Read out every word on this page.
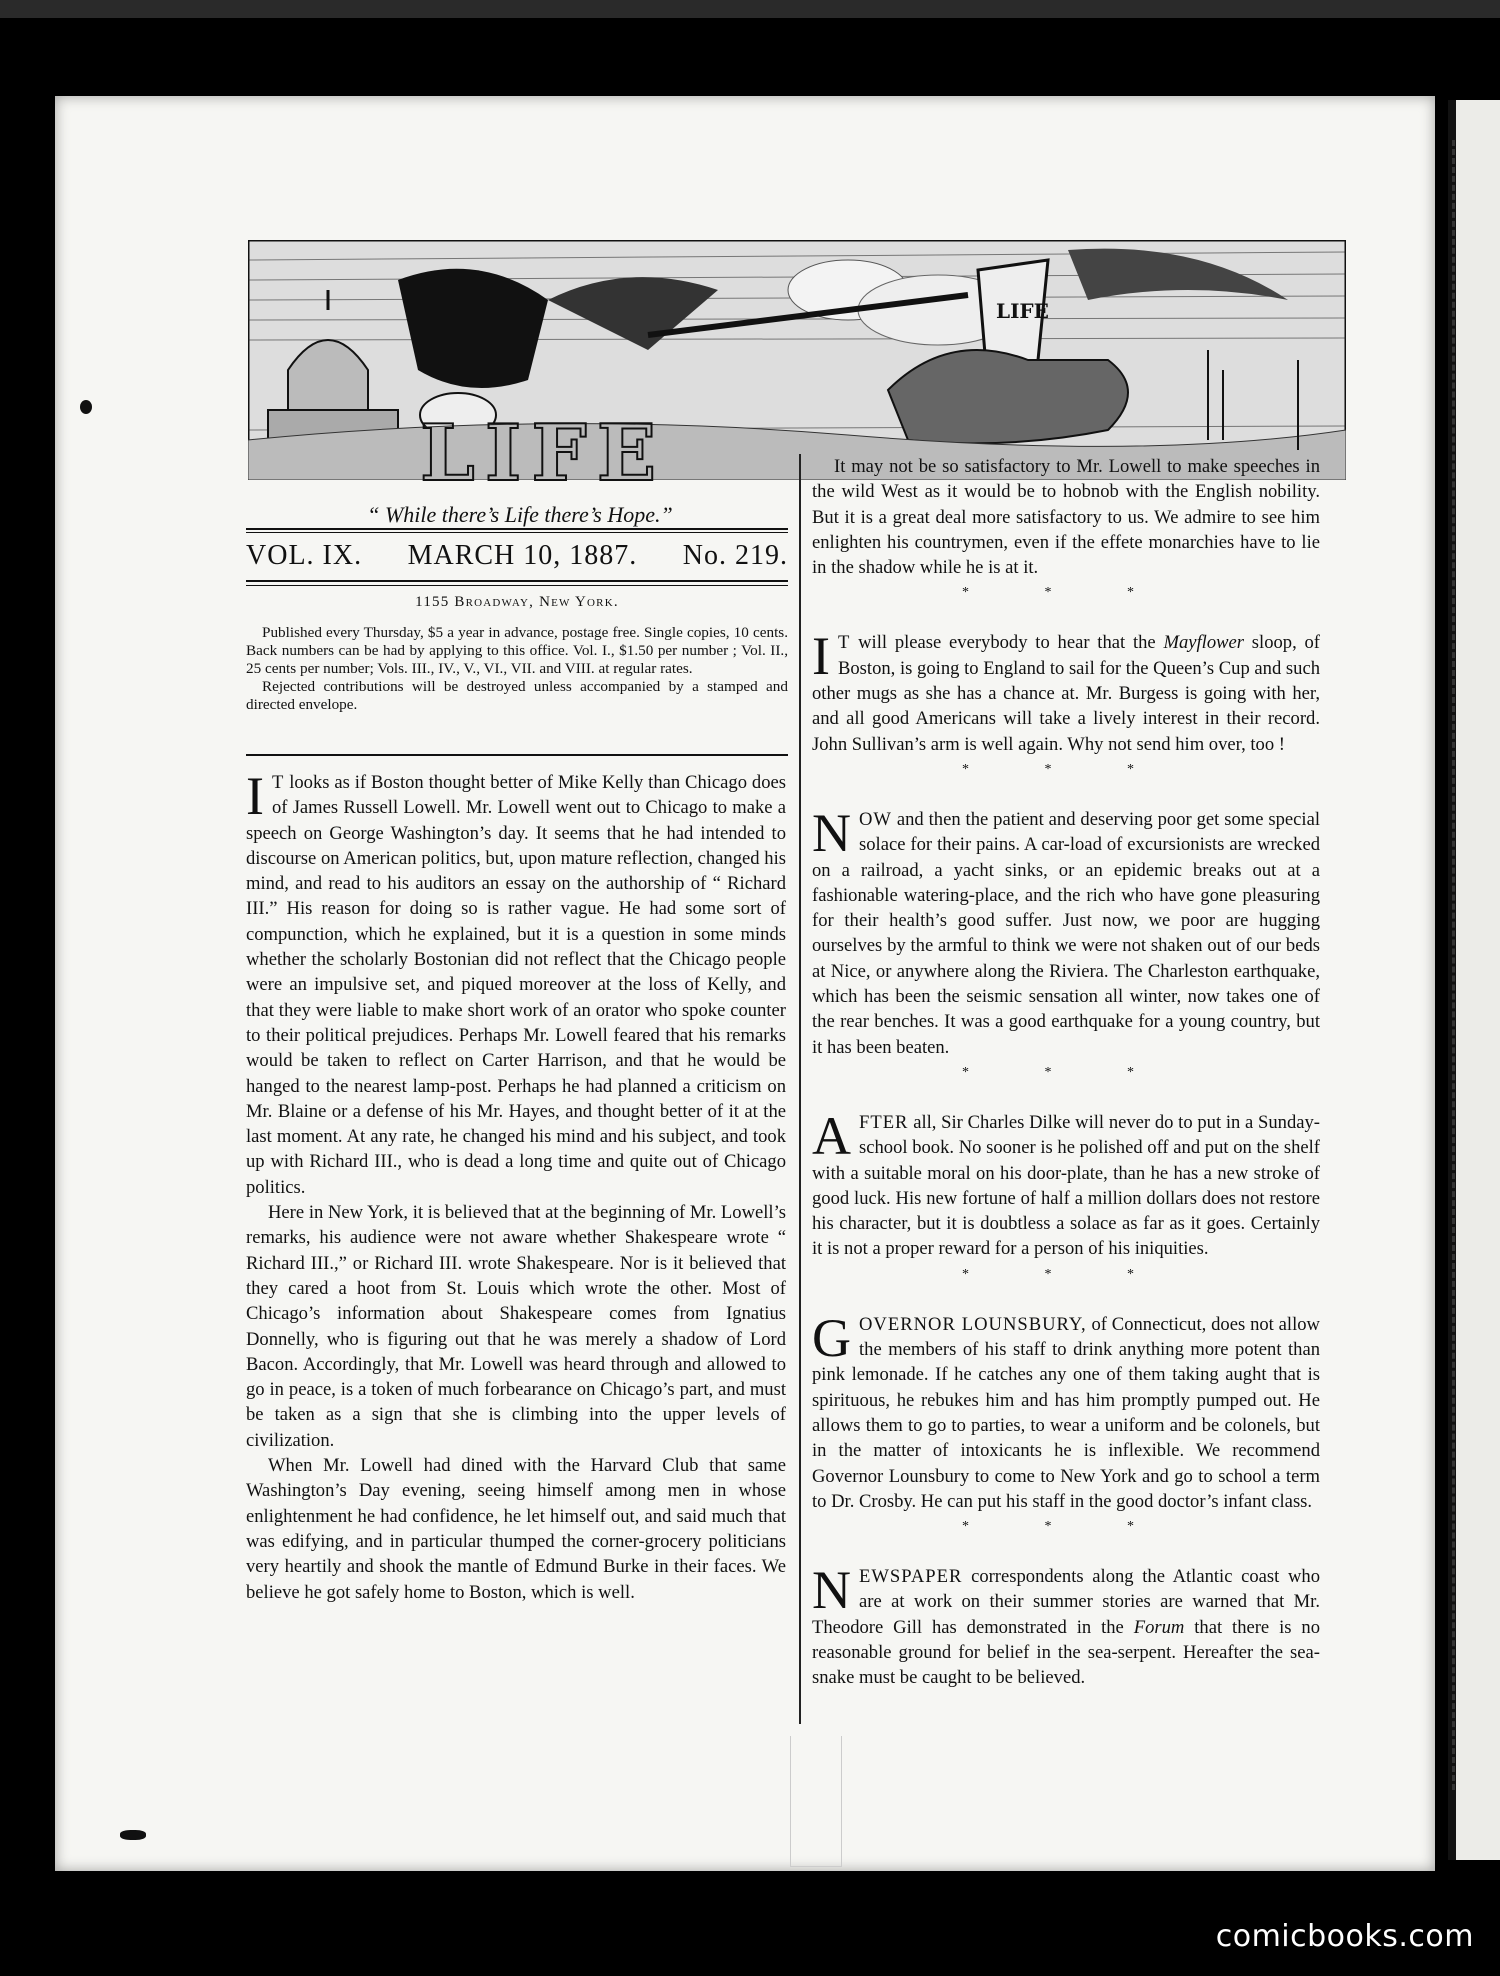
LIFE
LIFE
“ While there’s Life there’s Hope.”
VOL. IX. MARCH 10, 1887. No. 219.
1155 Broadway, New York.

Published every Thursday, $5 a year in advance, postage free. Single copies, 10 cents. Back numbers can be had by applying to this office. Vol. I., $1.50 per number ; Vol. II., 25 cents per number; Vols. III., IV., V., VI., VII. and VIII. at regular rates.

Rejected contributions will be destroyed unless accompanied by a stamped and directed envelope.

I T looks as if Boston thought better of Mike Kelly than Chicago does of James Russell Lowell. Mr. Lowell went out to Chicago to make a speech on George Washington’s day. It seems that he had intended to discourse on American politics, but, upon mature reflection, changed his mind, and read to his auditors an essay on the authorship of “ Richard III.” His reason for doing so is rather vague. He had some sort of compunction, which he explained, but it is a question in some minds whether the scholarly Bostonian did not reflect that the Chicago people were an impulsive set, and piqued moreover at the loss of Kelly, and that they were liable to make short work of an orator who spoke counter to their political prejudices. Perhaps Mr. Lowell feared that his remarks would be taken to reflect on Carter Harrison, and that he would be hanged to the nearest lamp-post. Perhaps he had planned a criticism on Mr. Blaine or a defense of his Mr. Hayes, and thought better of it at the last moment. At any rate, he changed his mind and his subject, and took up with Richard III., who is dead a long time and quite out of Chicago politics.

Here in New York, it is believed that at the beginning of Mr. Lowell’s remarks, his audience were not aware whether Shakespeare wrote “ Richard III.,” or Richard III. wrote Shakespeare. Nor is it believed that they cared a hoot from St. Louis which wrote the other. Most of Chicago’s information about Shakespeare comes from Ignatius Donnelly, who is figuring out that he was merely a shadow of Lord Bacon. Accordingly, that Mr. Lowell was heard through and allowed to go in peace, is a token of much forbearance on Chicago’s part, and must be taken as a sign that she is climbing into the upper levels of civilization.

When Mr. Lowell had dined with the Harvard Club that same Washington’s Day evening, seeing himself among men in whose enlightenment he had confidence, he let himself out, and said much that was edifying, and in particular thumped the corner-grocery politicians very heartily and shook the mantle of Edmund Burke in their faces. We believe he got safely home to Boston, which is well.

It may not be so satisfactory to Mr. Lowell to make speeches in the wild West as it would be to hobnob with the English nobility. But it is a great deal more satisfactory to us. We admire to see him enlighten his countrymen, even if the effete monarchies have to lie in the shadow while he is at it.

* * *

I T will please everybody to hear that the Mayflower sloop, of Boston, is going to England to sail for the Queen’s Cup and such other mugs as she has a chance at. Mr. Burgess is going with her, and all good Americans will take a lively interest in their record. John Sullivan’s arm is well again. Why not send him over, too !

* * *

NOW and then the patient and deserving poor get some special solace for their pains. A car-load of excursionists are wrecked on a railroad, a yacht sinks, or an epidemic breaks out at a fashionable watering-place, and the rich who have gone pleasuring for their health’s good suffer. Just now, we poor are hugging ourselves by the armful to think we were not shaken out of our beds at Nice, or anywhere along the Riviera. The Charleston earthquake, which has been the seismic sensation all winter, now takes one of the rear benches. It was a good earthquake for a young country, but it has been beaten.

* * *

AFTER all, Sir Charles Dilke will never do to put in a Sunday-school book. No sooner is he polished off and put on the shelf with a suitable moral on his door-plate, than he has a new stroke of good luck. His new fortune of half a million dollars does not restore his character, but it is doubtless a solace as far as it goes. Certainly it is not a proper reward for a person of his iniquities.

* * *

GOVERNOR LOUNSBURY, of Connecticut, does not allow the members of his staff to drink anything more potent than pink lemonade. If he catches any one of them taking aught that is spirituous, he rebukes him and has him promptly pumped out. He allows them to go to parties, to wear a uniform and be colonels, but in the matter of intoxicants he is inflexible. We recommend Governor Lounsbury to come to New York and go to school a term to Dr. Crosby. He can put his staff in the good doctor’s infant class.

* * *

NEWSPAPER correspondents along the Atlantic coast who are at work on their summer stories are warned that Mr. Theodore Gill has demonstrated in the Forum that there is no reasonable ground for belief in the sea-serpent. Hereafter the sea-snake must be caught to be believed.

comicbooks.com
